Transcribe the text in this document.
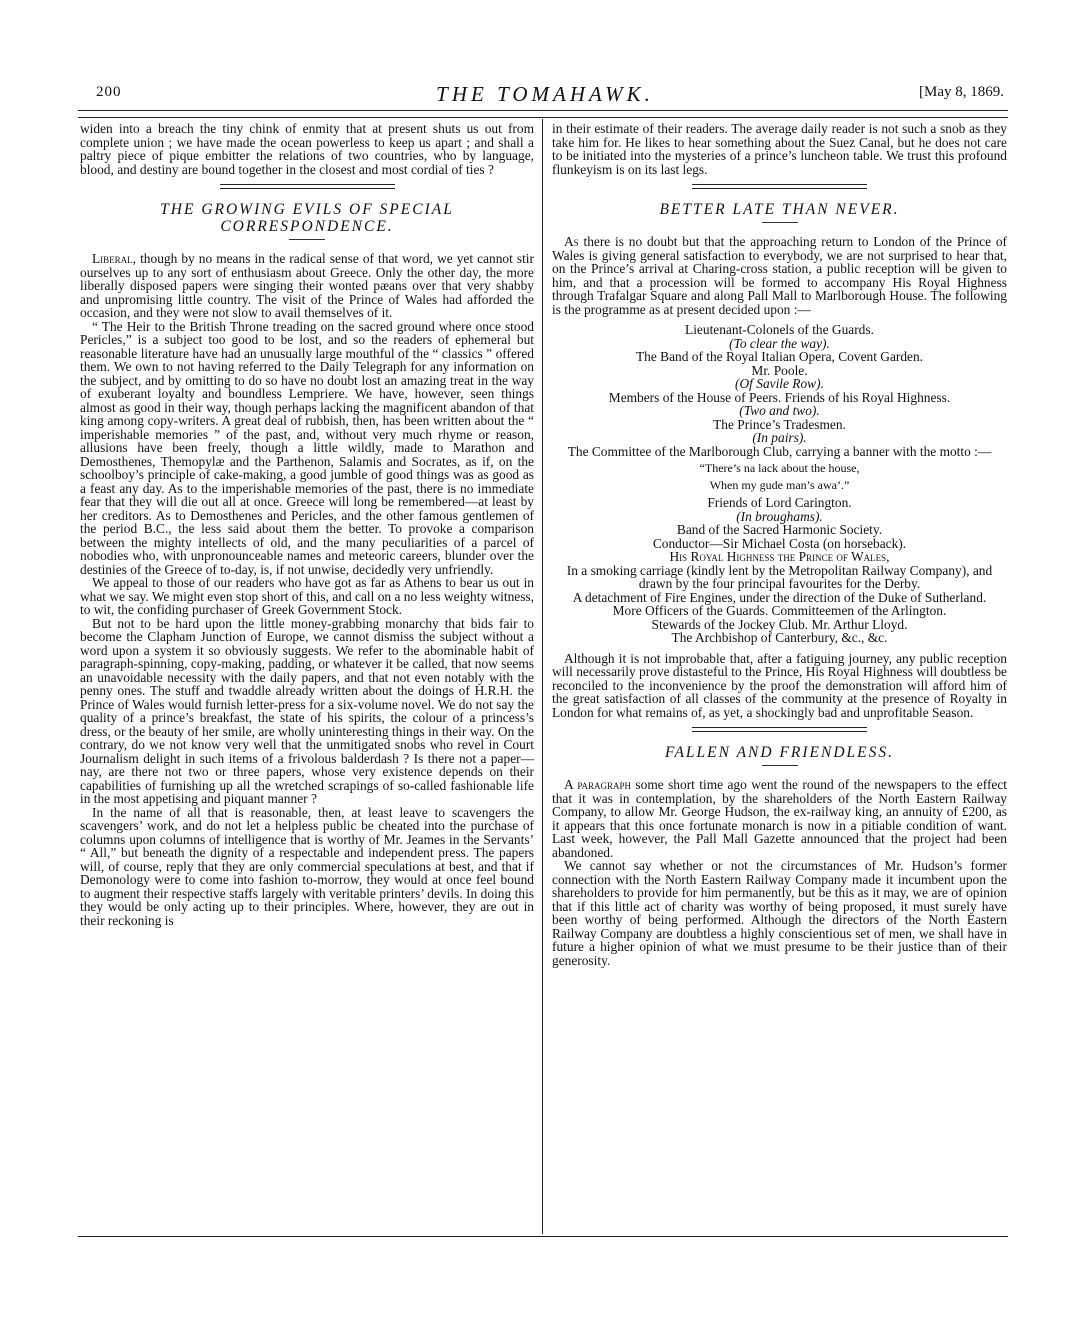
200	THE TOMAHAWK.	[May 8, 1869.

widen into a breach the tiny chink of enmity that at present shuts us out from complete union ; we have made the ocean powerless to keep us apart ; and shall a paltry piece of pique embitter the relations of two countries, who by language, blood, and destiny are bound together in the closest and most cordial of ties ?

THE GROWING EVILS OF SPECIAL CORRESPONDENCE.

Liberal, though by no means in the radical sense of that word, we yet cannot stir ourselves up to any sort of enthusiasm about Greece. Only the other day, the more liberally disposed papers were singing their wonted pæans over that very shabby and unpromising little country. The visit of the Prince of Wales had afforded the occasion, and they were not slow to avail themselves of it.

“ The Heir to the British Throne treading on the sacred ground where once stood Pericles,” is a subject too good to be lost, and so the readers of ephemeral but reasonable literature have had an unusually large mouthful of the “ classics ” offered them. We own to not having referred to the Daily Telegraph for any information on the subject, and by omitting to do so have no doubt lost an amazing treat in the way of exuberant loyalty and boundless Lempriere. We have, however, seen things almost as good in their way, though perhaps lacking the magnificent abandon of that king among copy-writers. A great deal of rubbish, then, has been written about the “ imperishable memories ” of the past, and, without very much rhyme or reason, allusions have been freely, though a little wildly, made to Marathon and Demosthenes, Themopylæ and the Parthenon, Salamis and Socrates, as if, on the schoolboy’s principle of cake-making, a good jumble of good things was as good as a feast any day. As to the imperishable memories of the past, there is no immediate fear that they will die out all at once. Greece will long be remembered—at least by her creditors. As to Demosthenes and Pericles, and the other famous gentlemen of the period B.C., the less said about them the better. To provoke a comparison between the mighty intellects of old, and the many peculiarities of a parcel of nobodies who, with unpronounceable names and meteoric careers, blunder over the destinies of the Greece of to-day, is, if not unwise, decidedly very unfriendly.

We appeal to those of our readers who have got as far as Athens to bear us out in what we say. We might even stop short of this, and call on a no less weighty witness, to wit, the confiding purchaser of Greek Government Stock.

But not to be hard upon the little money-grabbing monarchy that bids fair to become the Clapham Junction of Europe, we cannot dismiss the subject without a word upon a system it so obviously suggests. We refer to the abominable habit of paragraph-spinning, copy-making, padding, or whatever it be called, that now seems an unavoidable necessity with the daily papers, and that not even notably with the penny ones. The stuff and twaddle already written about the doings of H.R.H. the Prince of Wales would furnish letter-press for a six-volume novel. We do not say the quality of a prince’s breakfast, the state of his spirits, the colour of a princess’s dress, or the beauty of her smile, are wholly uninteresting things in their way. On the contrary, do we not know very well that the unmitigated snobs who revel in Court Journalism delight in such items of a frivolous balderdash ? Is there not a paper—nay, are there not two or three papers, whose very existence depends on their capabilities of furnishing up all the wretched scrapings of so-called fashionable life in the most appetising and piquant manner ?

In the name of all that is reasonable, then, at least leave to scavengers the scavengers’ work, and do not let a helpless public be cheated into the purchase of columns upon columns of intelligence that is worthy of Mr. Jeames in the Servants’ “ All,” but beneath the dignity of a respectable and independent press. The papers will, of course, reply that they are only commercial speculations at best, and that if Demonology were to come into fashion to-morrow, they would at once feel bound to augment their respective staffs largely with veritable printers’ devils. In doing this they would be only acting up to their principles. Where, however, they are out in their reckoning is

in their estimate of their readers. The average daily reader is not such a snob as they take him for. He likes to hear something about the Suez Canal, but he does not care to be initiated into the mysteries of a prince’s luncheon table. We trust this profound flunkeyism is on its last legs.

BETTER LATE THAN NEVER.

As there is no doubt but that the approaching return to London of the Prince of Wales is giving general satisfaction to everybody, we are not surprised to hear that, on the Prince’s arrival at Charing-cross station, a public reception will be given to him, and that a procession will be formed to accompany His Royal Highness through Trafalgar Square and along Pall Mall to Marlborough House. The following is the programme as at present decided upon :—

Lieutenant-Colonels of the Guards.
(To clear the way).
The Band of the Royal Italian Opera, Covent Garden.
Mr. Poole.
(Of Savile Row).
Members of the House of Peers. Friends of his Royal Highness.
(Two and two).
The Prince’s Tradesmen.
(In pairs).
The Committee of the Marlborough Club, carrying a banner with the motto :—
“There’s na lack about the house,
When my gude man’s awa’.”
Friends of Lord Carington.
(In broughams).
Band of the Sacred Harmonic Society.
Conductor—Sir Michael Costa (on horseback).
His Royal Highness the Prince of Wales,
In a smoking carriage (kindly lent by the Metropolitan Railway Company), and drawn by the four principal favourites for the Derby.
A detachment of Fire Engines, under the direction of the Duke of Sutherland.
More Officers of the Guards. Committeemen of the Arlington.
Stewards of the Jockey Club. Mr. Arthur Lloyd.
The Archbishop of Canterbury, &c., &c.

Although it is not improbable that, after a fatiguing journey, any public reception will necessarily prove distasteful to the Prince, His Royal Highness will doubtless be reconciled to the inconvenience by the proof the demonstration will afford him of the great satisfaction of all classes of the community at the presence of Royalty in London for what remains of, as yet, a shockingly bad and unprofitable Season.

FALLEN AND FRIENDLESS.

A paragraph some short time ago went the round of the newspapers to the effect that it was in contemplation, by the shareholders of the North Eastern Railway Company, to allow Mr. George Hudson, the ex-railway king, an annuity of £200, as it appears that this once fortunate monarch is now in a pitiable condition of want. Last week, however, the Pall Mall Gazette announced that the project had been abandoned.

We cannot say whether or not the circumstances of Mr. Hudson’s former connection with the North Eastern Railway Company made it incumbent upon the shareholders to provide for him permanently, but be this as it may, we are of opinion that if this little act of charity was worthy of being proposed, it must surely have been worthy of being performed. Although the directors of the North Eastern Railway Company are doubtless a highly conscientious set of men, we shall have in future a higher opinion of what we must presume to be their justice than of their generosity.
